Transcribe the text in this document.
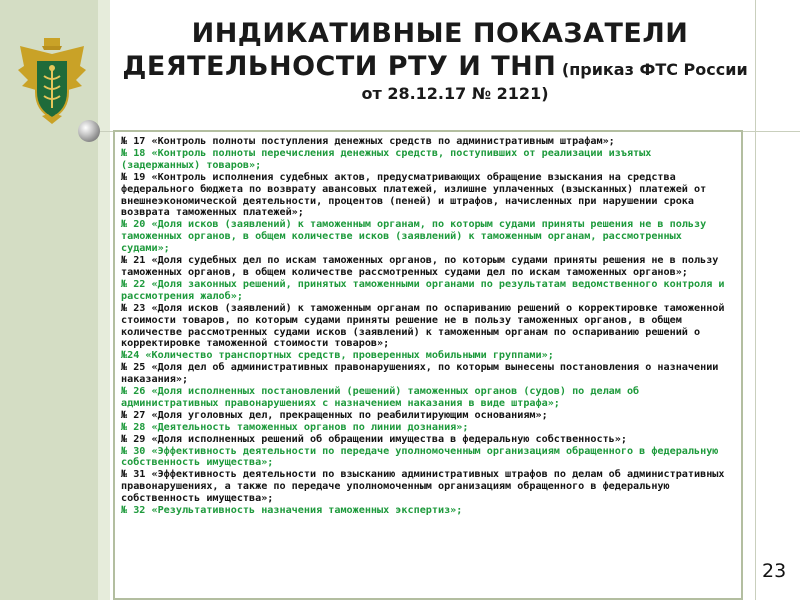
ИНДИКАТИВНЫЕ ПОКАЗАТЕЛИ
ДЕЯТЕЛЬНОСТИ РТУ И ТНП (приказ ФТС России
от 28.12.17 № 2121)

№ 17 «Контроль полноты поступления денежных средств по административным штрафам»;

№ 18 «Контроль полноты перечисления денежных средств, поступивших от реализации изъятых (задержанных) товаров»;

№ 19 «Контроль исполнения судебных актов, предусматривающих обращение взыскания на средства федерального бюджета по возврату авансовых платежей, излишне уплаченных (взысканных) платежей от внешнеэкономической деятельности, процентов (пеней) и штрафов, начисленных при нарушении срока возврата таможенных платежей»;

№ 20 «Доля исков (заявлений) к таможенным органам, по которым судами приняты решения не в пользу таможенных органов, в общем количестве исков (заявлений) к таможенным органам, рассмотренных судами»;

№ 21 «Доля судебных дел по искам таможенных органов, по которым судами приняты решения не в пользу таможенных органов, в общем количестве рассмотренных судами дел по искам таможенных органов»;

№ 22 «Доля законных решений, принятых таможенными органами по результатам ведомственного контроля и рассмотрения жалоб»;

№ 23 «Доля исков (заявлений) к таможенным органам по оспариванию решений о корректировке таможенной стоимости товаров, по которым судами приняты решение не в пользу таможенных органов, в общем количестве рассмотренных судами исков (заявлений) к таможенным органам по оспариванию решений о корректировке таможенной стоимости товаров»;

№24 «Количество транспортных средств, проверенных мобильными группами»;

№ 25 «Доля дел об административных правонарушениях, по которым вынесены постановления о назначении наказания»;

№ 26 «Доля исполненных постановлений (решений) таможенных органов (судов) по делам об административных правонарушениях с назначением наказания в виде штрафа»;

№ 27 «Доля уголовных дел, прекращенных по реабилитирующим основаниям»;

№ 28 «Деятельность таможенных органов по линии дознания»;

№ 29 «Доля исполненных решений об обращении имущества в федеральную собственность»;

№ 30 «Эффективность деятельности по передаче уполномоченным организациям обращенного в федеральную собственность имущества»;

№ 31 «Эффективность деятельности по взысканию административных штрафов по делам об административных правонарушениях, а также по передаче уполномоченным организациям обращенного в федеральную собственность имущества»;

№ 32 «Результативность назначения таможенных экспертиз»;

23
